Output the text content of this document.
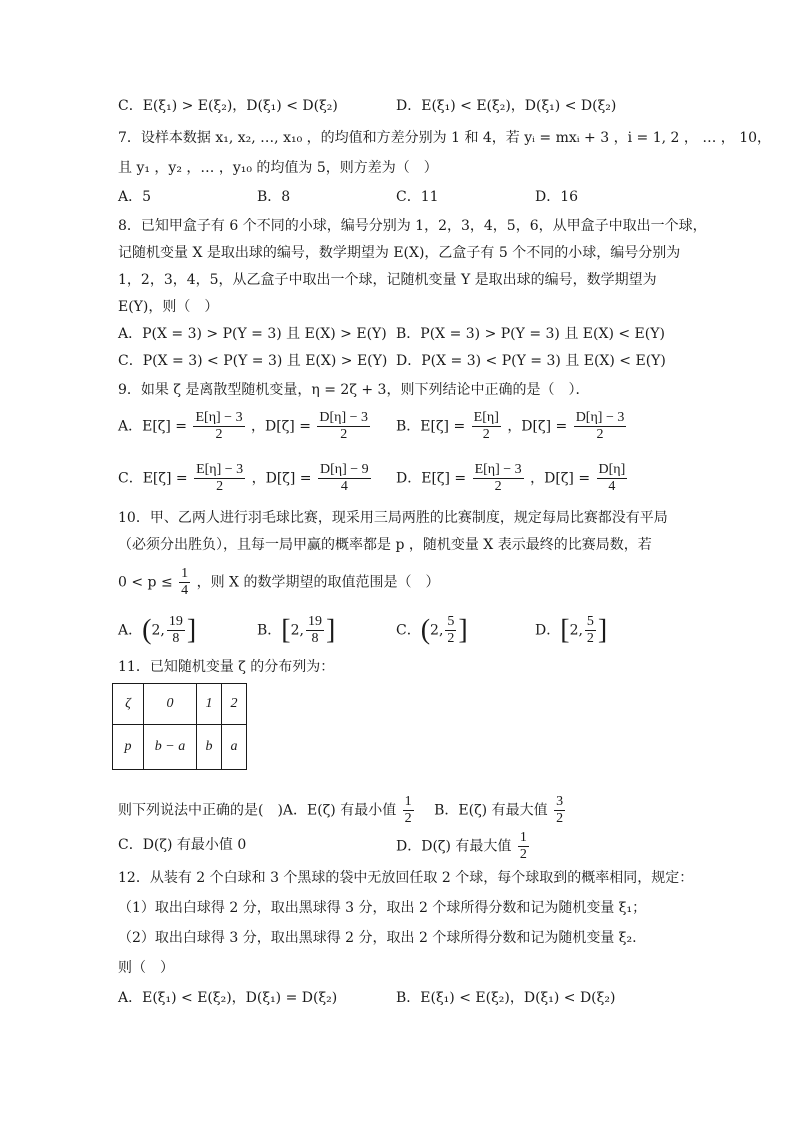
C．E(ξ₁) > E(ξ₂)，D(ξ₁) < D(ξ₂)	D．E(ξ₁) < E(ξ₂)，D(ξ₁) < D(ξ₂)
7．设样本数据 x₁, x₂, …, x₁₀ ，的均值和方差分别为 1 和 4，若 yᵢ = mxᵢ + 3 ，i = 1, 2 ， … ， 10，
且 y₁ ，y₂ ，… ，y₁₀ 的均值为 5，则方差为（　）
A．5	B．8	C．11	D．16
8．已知甲盒子有 6 个不同的小球，编号分别为 1，2，3，4，5，6，从甲盒子中取出一个球，
记随机变量 X 是取出球的编号，数学期望为 E(X)，乙盒子有 5 个不同的小球，编号分别为
1，2，3，4，5，从乙盒子中取出一个球，记随机变量 Y 是取出球的编号，数学期望为
E(Y)，则（　）
A．P(X = 3) > P(Y = 3) 且 E(X) > E(Y) B．P(X = 3) > P(Y = 3) 且 E(X) < E(Y)
C．P(X = 3) < P(Y = 3) 且 E(X) > E(Y) D．P(X = 3) < P(Y = 3) 且 E(X) < E(Y)
9．如果 ζ 是离散型随机变量，η = 2ζ + 3，则下列结论中正确的是（　）．
A．$E[\zeta] = \frac{E[\eta] - 3}{2}$ ，$D[\zeta] = \frac{D[\eta] - 3}{2}$ B．$E[\zeta] = \frac{E[\eta]}{2}$ ，$D[\zeta] = \frac{D[\eta] - 3}{2}$
C．$E[\zeta] = \frac{E[\eta] - 3}{2}$ ，$D[\zeta] = \frac{D[\eta] - 9}{4}$ D．$E[\zeta] = \frac{E[\eta] - 3}{2}$ ，$D[\zeta] = \frac{D[\eta]}{4}$
10．甲、乙两人进行羽毛球比赛，现采用三局两胜的比赛制度，规定每局比赛都没有平局
（必须分出胜负），且每一局甲赢的概率都是 p ，随机变量 X 表示最终的比赛局数，若
$0 < p \le \frac{1}{4}$ ，则 X 的数学期望的取值范围是（　）
A．(2, $\frac{19}{8}$ ]	B．[2, $\frac{19}{8}$ ]	C．(2, $\frac{5}{2}$ ]	D．[2, $\frac{5}{2}$ ]
11．已知随机变量 ζ 的分布列为：
ζ	0	1	2
p	b − a	b	a
则下列说法中正确的是(　)A．E(ζ) 有最小值 $\frac{1}{2}$ 　B．E(ζ) 有最大值 $\frac{3}{2}$
C．D(ζ) 有最小值 0	D．D(ζ) 有最大值 $\frac{1}{2}$
12．从装有 2 个白球和 3 个黑球的袋中无放回任取 2 个球，每个球取到的概率相同，规定：
（1）取出白球得 2 分，取出黑球得 3 分，取出 2 个球所得分数和记为随机变量 ξ₁；
（2）取出白球得 3 分，取出黑球得 2 分，取出 2 个球所得分数和记为随机变量 ξ₂.
则（　）
A．E(ξ₁) < E(ξ₂)，D(ξ₁) = D(ξ₂)	B．E(ξ₁) < E(ξ₂)，D(ξ₁) < D(ξ₂)
